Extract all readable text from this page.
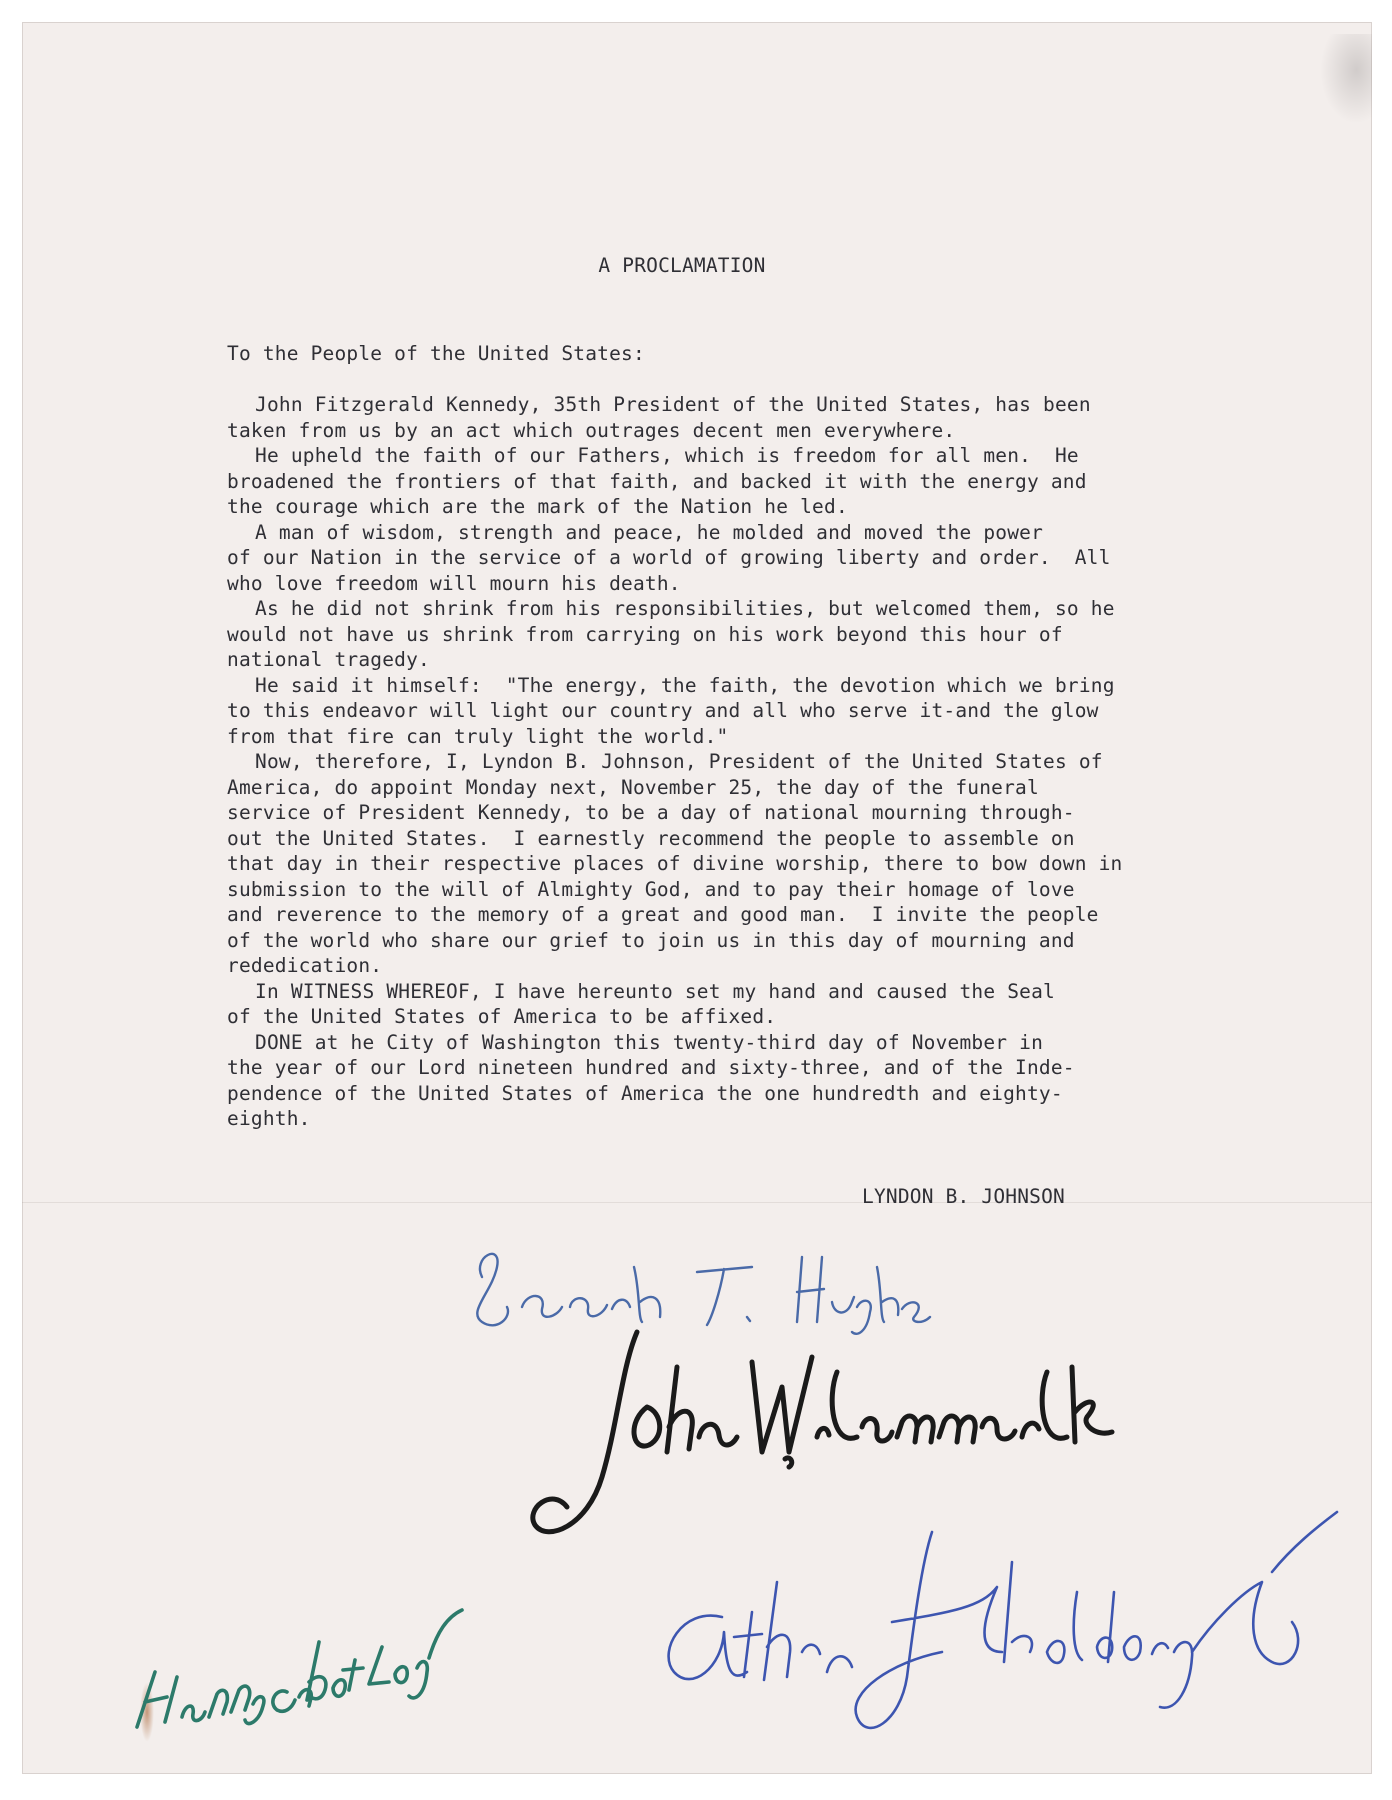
A PROCLAMATION
To the People of the United States:
John Fitzgerald Kennedy, 35th President of the United States, has been
taken from us by an act which outrages decent men everywhere.
He upheld the faith of our Fathers, which is freedom for all men.  He
broadened the frontiers of that faith, and backed it with the energy and
the courage which are the mark of the Nation he led.
A man of wisdom, strength and peace, he molded and moved the power
of our Nation in the service of a world of growing liberty and order.  All
who love freedom will mourn his death.
As he did not shrink from his responsibilities, but welcomed them, so he
would not have us shrink from carrying on his work beyond this hour of
national tragedy.
He said it himself:  "The energy, the faith, the devotion which we bring
to this endeavor will light our country and all who serve it-and the glow
from that fire can truly light the world."
Now, therefore, I, Lyndon B. Johnson, President of the United States of
America, do appoint Monday next, November 25, the day of the funeral
service of President Kennedy, to be a day of national mourning through-
out the United States.  I earnestly recommend the people to assemble on
that day in their respective places of divine worship, there to bow down in
submission to the will of Almighty God, and to pay their homage of love
and reverence to the memory of a great and good man.  I invite the people
of the world who share our grief to join us in this day of mourning and
rededication.
In WITNESS WHEREOF, I have hereunto set my hand and caused the Seal
of the United States of America to be affixed.
DONE at he City of Washington this twenty-third day of November in
the year of our Lord nineteen hundred and sixty-three, and of the Inde-
pendence of the United States of America the one hundredth and eighty-
eighth.
LYNDON B. JOHNSON
